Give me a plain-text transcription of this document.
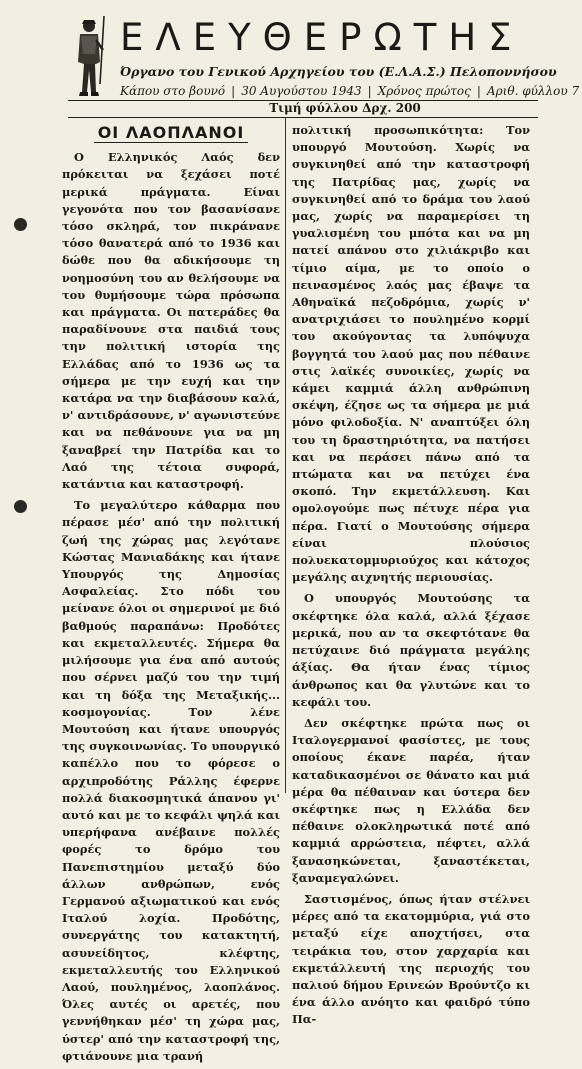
ΕΛΕΥΘΕΡΩΤΗΣ
Όργανο του Γενικού Αρχηγείου του (Ε.Λ.Α.Σ.) Πελοποννήσου
Κάπου στο βουνό | 30 Αυγούστου 1943 | Χρόνος πρώτος | Αριθ. φύλλου 7
Τιμή φύλλου Δρχ. 200
ΟΙ ΛΑΟΠΛΑΝΟΙ

Ο Ελληνικός Λαός δεν πρόκειται να ξεχάσει ποτέ μερικά πράγματα. Είναι γεγονότα που τον βασανίσανε τόσο σκληρά, τον πικράνανε τόσο θανατερά από το 1936 και δώθε που θα αδικήσουμε τη νοημοσύνη του αν θελήσουμε να του θυμήσουμε τώρα πρόσωπα και πράγματα. Οι πατεράδες θα παραδίνουνε στα παιδιά τους την πολιτική ιστορία της Ελλάδας από το 1936 ως τα σήμερα με την ευχή και την κατάρα να την διαβάσουν καλά, ν' αντιδράσουνε, ν' αγωνιστεύνε και να πεθάνουνε για να μη ξαναβρεί την Πατρίδα και το Λαό της τέτοια συφορά, κατάντια και καταστροφή.

Το μεγαλύτερο κάθαρμα που πέρασε μέσ' από την πολιτική ζωή της χώρας μας λεγότανε Κώστας Μανιαδάκης και ήτανε Υπουργός της Δημοσίας Ασφαλείας. Στο πόδι του μείνανε όλοι οι σημερινοί με διό βαθμούς παραπάνω: Προδότες και εκμεταλλευτές. Σήμερα θα μιλήσουμε για ένα από αυτούς που σέρνει μαζύ του την τιμή και τη δόξα της Μεταξικής... κοσμογονίας. Τον λένε Μουτούση και ήτανε υπουργός της συγκοινωνίας. Το υπουργικό καπέλλο που το φόρεσε ο αρχιπροδότης Ράλλης έφερνε πολλά διακοσμητικά άπανου γι' αυτό και με το κεφάλι ψηλά και υπερήφανα ανέβαινε πολλές φορές το δρόμο του Πανεπιστημίου μεταξύ δύο άλλων ανθρώπων, ενός Γερμανού αξιωματικού και ενός Ιταλού λοχία. Προδότης, συνεργάτης του κατακτητή, ασυνείδητος, κλέφτης, εκμεταλλευτής του Ελληνικού Λαού, πουλημένος, λαοπλάνος. Όλες αυτές οι αρετές, που γεννήθηκαν μέσ' τη χώρα μας, ύστερ' από την καταστροφή της, φτιάνουνε μια τρανή

πολιτική προσωπικότητα: Τον υπουργό Μουτούση. Χωρίς να συγκινηθεί από την καταστροφή της Πατρίδας μας, χωρίς να συγκινηθεί από το δράμα του λαού μας, χωρίς να παραμερίσει τη γυαλισμένη του μπότα και να μη πατεί απάνου στο χιλιάκριβο και τίμιο αίμα, με το οποίο ο πεινασμένος λαός μας έβαψε τα Αθηναϊκά πεζοδρόμια, χωρίς ν' ανατριχιάσει το πουλημένο κορμί του ακούγοντας τα λυπόψυχα βογγητά του λαού μας που πέθαινε στις λαϊκές συνοικίες, χωρίς να κάμει καμμιά άλλη ανθρώπινη σκέψη, έζησε ως τα σήμερα με μιά μόνο φιλοδοξία. Ν' αναπτύξει όλη του τη δραστηριότητα, να πατήσει και να περάσει πάνω από τα πτώματα και να πετύχει ένα σκοπό. Την εκμετάλλευση. Και ομολογούμε πως πέτυχε πέρα για πέρα. Γιατί ο Μουτούσης σήμερα είναι πλούσιος πολυεκατομμυριούχος και κάτοχος μεγάλης αιχνητής περιουσίας.

Ο υπουργός Μουτούσης τα σκέφτηκε όλα καλά, αλλά ξέχασε μερικά, που αν τα σκεφτότανε θα πετύχαινε διό πράγματα μεγάλης άξίας. Θα ήταν ένας τίμιος άνθρωπος και θα γλυτώνε και το κεφάλι του.

Δεν σκέφτηκε πρώτα πως οι Ιταλογερμανοί φασίστες, με τους οποίους έκανε παρέα, ήταν καταδικασμένοι σε θάνατο και μιά μέρα θα πέθαιναν και ύστερα δεν σκέφτηκε πως η Ελλάδα δεν πέθαινε ολοκληρωτικά ποτέ από καμμιά αρρώστεια, πέφτει, αλλά ξανασηκώνεται, ξαναστέκεται, ξαναμεγαλώνει.

Σαστισμένος, όπως ήταν στέλνει μέρες από τα εκατομμύρια, γιά στο μεταξύ είχε αποχτήσει, στα τειράκια του, στον χαρχαρία και εκμετάλλευτή της περιοχής του παλιού δήμου Ερινεών Βρούντζο κι ένα άλλο ανόητο και φαιδρό τύπο Πα-
